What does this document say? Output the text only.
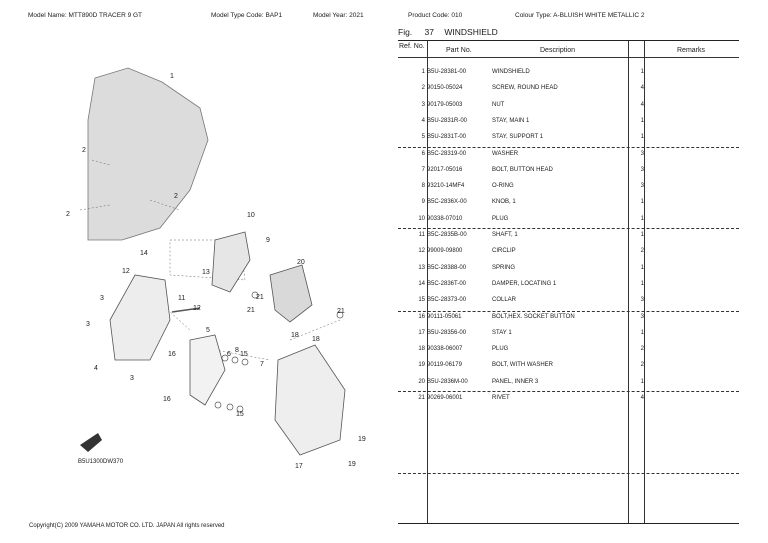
Model Name: MTT890D TRACER 9 GT	Model Type Code: BAP1	Model Year: 2021	Product Code: 010	Colour Type: A-BLUISH WHITE METALLIC 2
Fig. 37 WINDSHIELD
1
2
2
2
3
3
3
4
5
6
7
8
9
10
11
12
12
13
14
15
15
16
16
17
18
18
19
19
20
21	21
21
B5U1300DW370
Ref. No.
Part No.	Description	Remarks
1 B5U-28381-00	WINDSHIELD	1
2 90150-05024	SCREW, ROUND HEAD	4
3 90179-05003	NUT	4
4 B5U-2831R-00	STAY, MAIN 1	1
5 B5U-2831T-00	STAY, SUPPORT 1	1
6 B5C-28319-00	WASHER	3
7 92017-05016	BOLT, BUTTON HEAD	3
8 93210-14MF4	O-RING	3
9 B5C-2836X-00	KNOB, 1	1
10 90338-07010	PLUG	1
11 B5C-2835B-00	SHAFT, 1	1
12 99009-09800	CIRCLIP	2
13 B5C-28388-00	SPRING	1
14 B5C-2836T-00	DAMPER, LOCATING 1	1
15 B5C-28373-00	COLLAR	3
16 90111-05061	BOLT,HEX. SOCKET BUTTON	3
17 B5U-28356-00	STAY 1	1
18 90338-06007	PLUG	2
19 90119-06179	BOLT, WITH WASHER	2
20 B5U-2836M-00	PANEL, INNER 3	1
21 90269-06001	RIVET	4
Copyright(C) 2009 YAMAHA MOTOR CO. LTD. JAPAN All rights reserved
